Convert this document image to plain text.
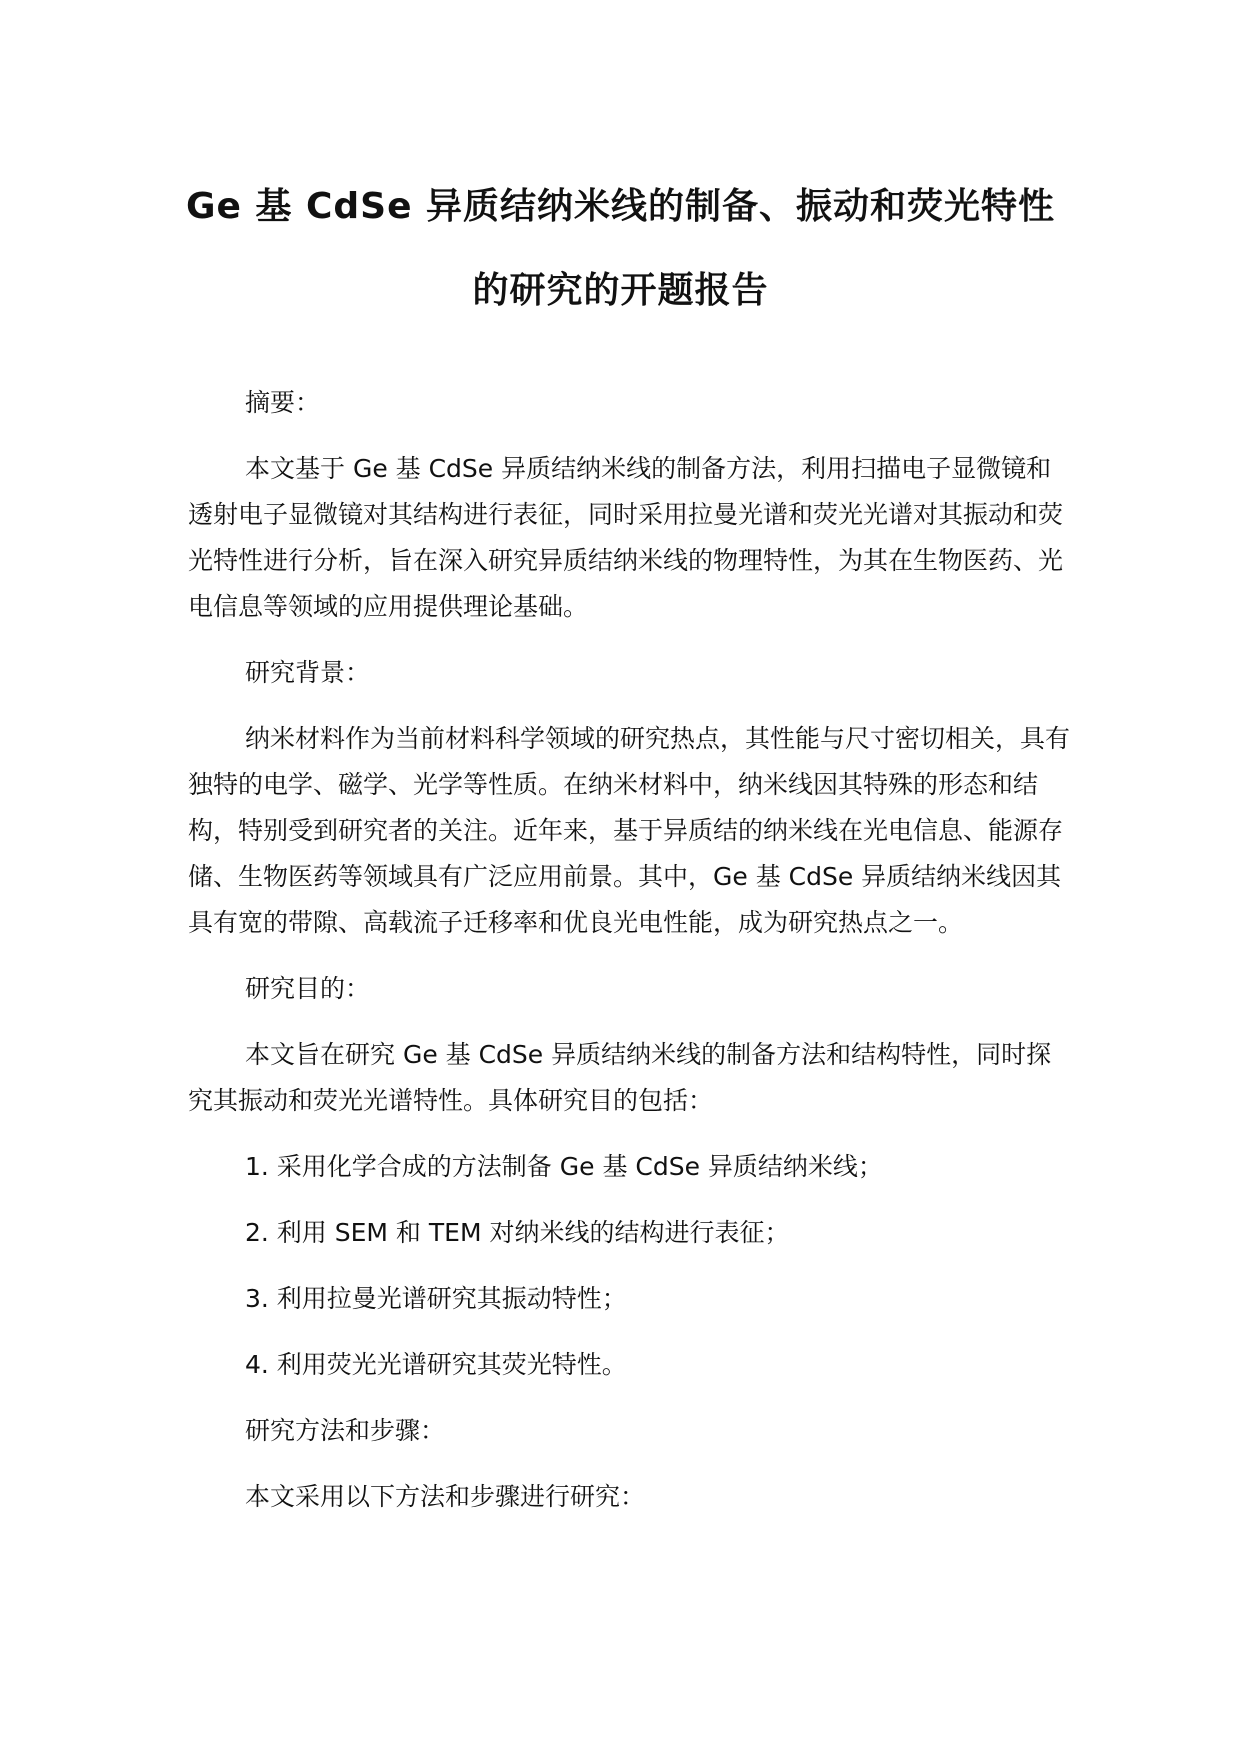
Ge 基 CdSe 异质结纳米线的制备、振动和荧光特性
的研究的开题报告

摘要：

本文基于 Ge 基 CdSe 异质结纳米线的制备方法，利用扫描电子显微镜和透射电子显微镜对其结构进行表征，同时采用拉曼光谱和荧光光谱对其振动和荧光特性进行分析，旨在深入研究异质结纳米线的物理特性，为其在生物医药、光电信息等领域的应用提供理论基础。

研究背景：

纳米材料作为当前材料科学领域的研究热点，其性能与尺寸密切相关，具有独特的电学、磁学、光学等性质。在纳米材料中，纳米线因其特殊的形态和结构，特别受到研究者的关注。近年来，基于异质结的纳米线在光电信息、能源存储、生物医药等领域具有广泛应用前景。其中，Ge 基 CdSe 异质结纳米线因其具有宽的带隙、高载流子迁移率和优良光电性能，成为研究热点之一。

研究目的：

本文旨在研究 Ge 基 CdSe 异质结纳米线的制备方法和结构特性，同时探究其振动和荧光光谱特性。具体研究目的包括：

1. 采用化学合成的方法制备 Ge 基 CdSe 异质结纳米线；

2. 利用 SEM 和 TEM 对纳米线的结构进行表征；

3. 利用拉曼光谱研究其振动特性；

4. 利用荧光光谱研究其荧光特性。

研究方法和步骤：

本文采用以下方法和步骤进行研究：
